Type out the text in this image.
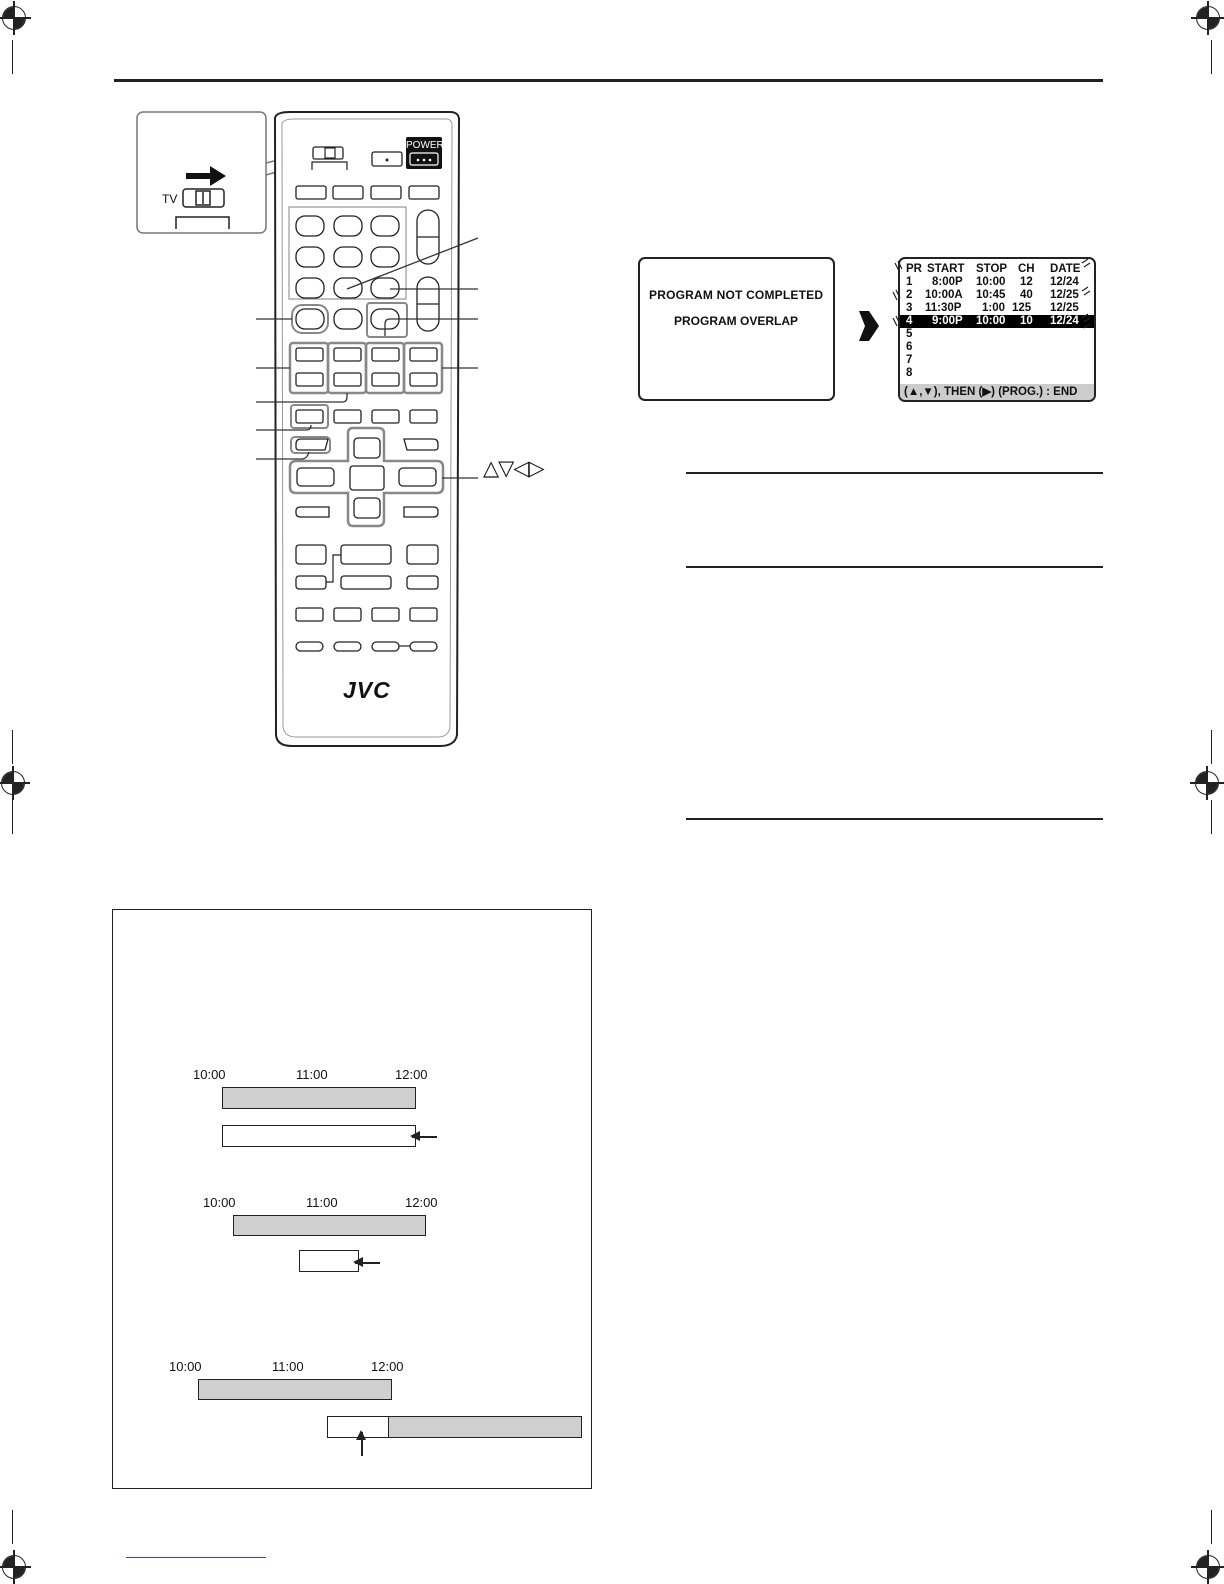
POWER
TV
JVC
△▽◁▷
PROGRAM NOT COMPLETED
PROGRAM OVERLAP
PR START STOP CH DATE
1 8:00P 10:00 12 12/24
2 10:00A 10:45 40 12/25
3 11:30P 1:00 125 12/25
4 9:00P 10:00 10 12/24
5
6
7
8
(▲,▼), THEN (▶) (PROG.) : END
10:00	11:00	12:00
10:00	11:00	12:00
10:00	11:00	12:00
